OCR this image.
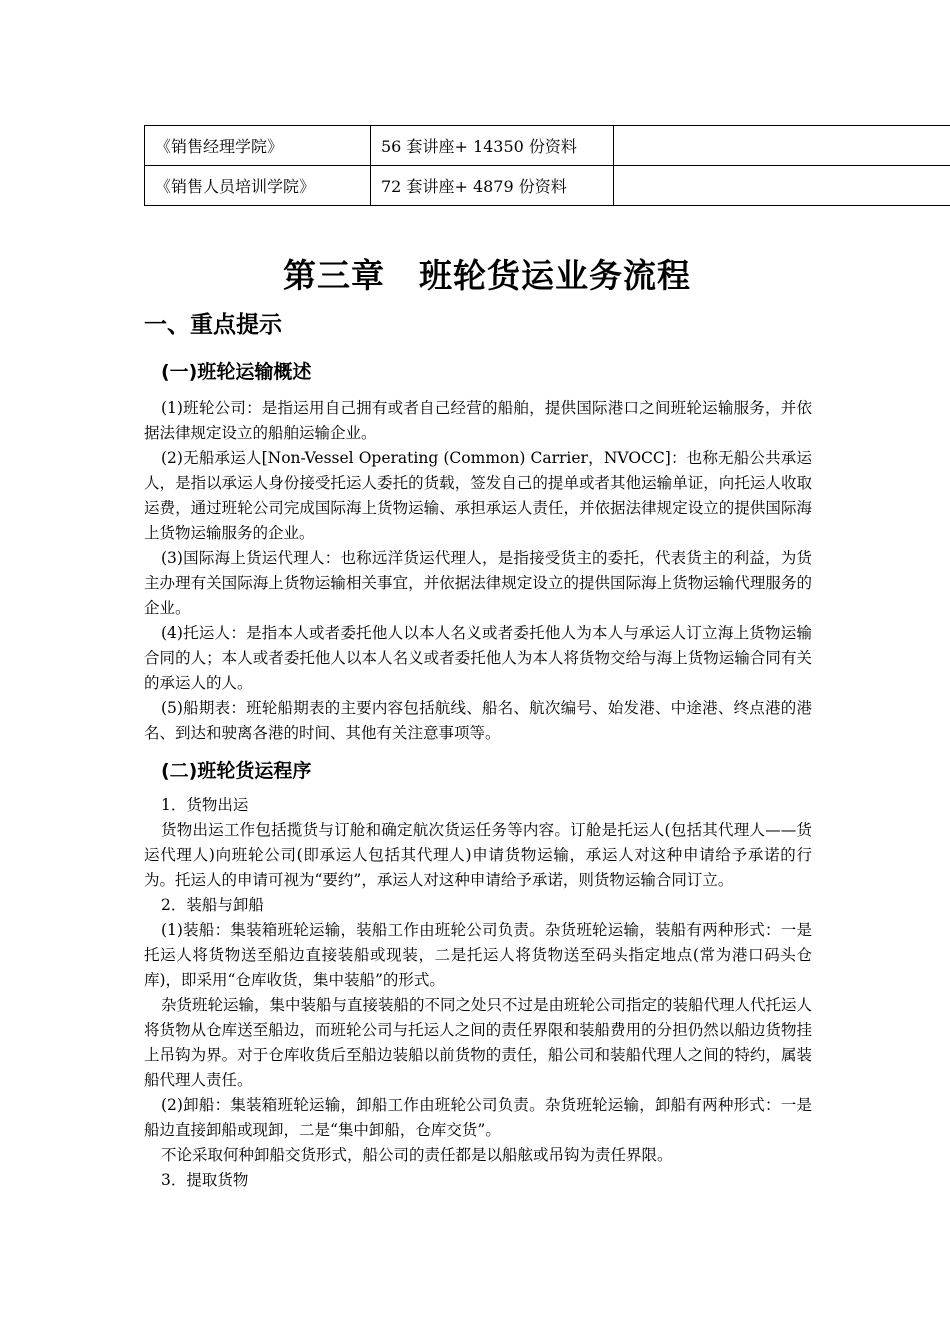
《销售经理学院》	56 套讲座+ 14350 份资料	
《销售人员培训学院》	72 套讲座+ 4879 份资料	
第三章　班轮货运业务流程
一、重点提示
(一)班轮运输概述

(1)班轮公司：是指运用自己拥有或者自己经营的船舶，提供国际港口之间班轮运输服务，并依据法律规定设立的船舶运输企业。

(2)无船承运人[Non-Vessel Operating (Common) Carrier，NVOCC]：也称无船公共承运人，是指以承运人身份接受托运人委托的货载，签发自己的提单或者其他运输单证，向托运人收取运费，通过班轮公司完成国际海上货物运输、承担承运人责任，并依据法律规定设立的提供国际海上货物运输服务的企业。

(3)国际海上货运代理人：也称远洋货运代理人，是指接受货主的委托，代表货主的利益，为货主办理有关国际海上货物运输相关事宜，并依据法律规定设立的提供国际海上货物运输代理服务的企业。

(4)托运人：是指本人或者委托他人以本人名义或者委托他人为本人与承运人订立海上货物运输合同的人；本人或者委托他人以本人名义或者委托他人为本人将货物交给与海上货物运输合同有关的承运人的人。

(5)船期表：班轮船期表的主要内容包括航线、船名、航次编号、始发港、中途港、终点港的港名、到达和驶离各港的时间、其他有关注意事项等。

(二)班轮货运程序

1．货物出运

货物出运工作包括揽货与订舱和确定航次货运任务等内容。订舱是托运人(包括其代理人——货运代理人)向班轮公司(即承运人包括其代理人)申请货物运输，承运人对这种申请给予承诺的行为。托运人的申请可视为“要约”，承运人对这种申请给予承诺，则货物运输合同订立。

2．装船与卸船

(1)装船：集装箱班轮运输，装船工作由班轮公司负责。杂货班轮运输，装船有两种形式：一是托运人将货物送至船边直接装船或现装，二是托运人将货物送至码头指定地点(常为港口码头仓库)，即采用“仓库收货，集中装船”的形式。

杂货班轮运输，集中装船与直接装船的不同之处只不过是由班轮公司指定的装船代理人代托运人将货物从仓库送至船边，而班轮公司与托运人之间的责任界限和装船费用的分担仍然以船边货物挂上吊钩为界。对于仓库收货后至船边装船以前货物的责任，船公司和装船代理人之间的特约，属装船代理人责任。

(2)卸船：集装箱班轮运输，卸船工作由班轮公司负责。杂货班轮运输，卸船有两种形式：一是船边直接卸船或现卸，二是“集中卸船，仓库交货”。

不论采取何种卸船交货形式，船公司的责任都是以船舷或吊钩为责任界限。

3．提取货物
